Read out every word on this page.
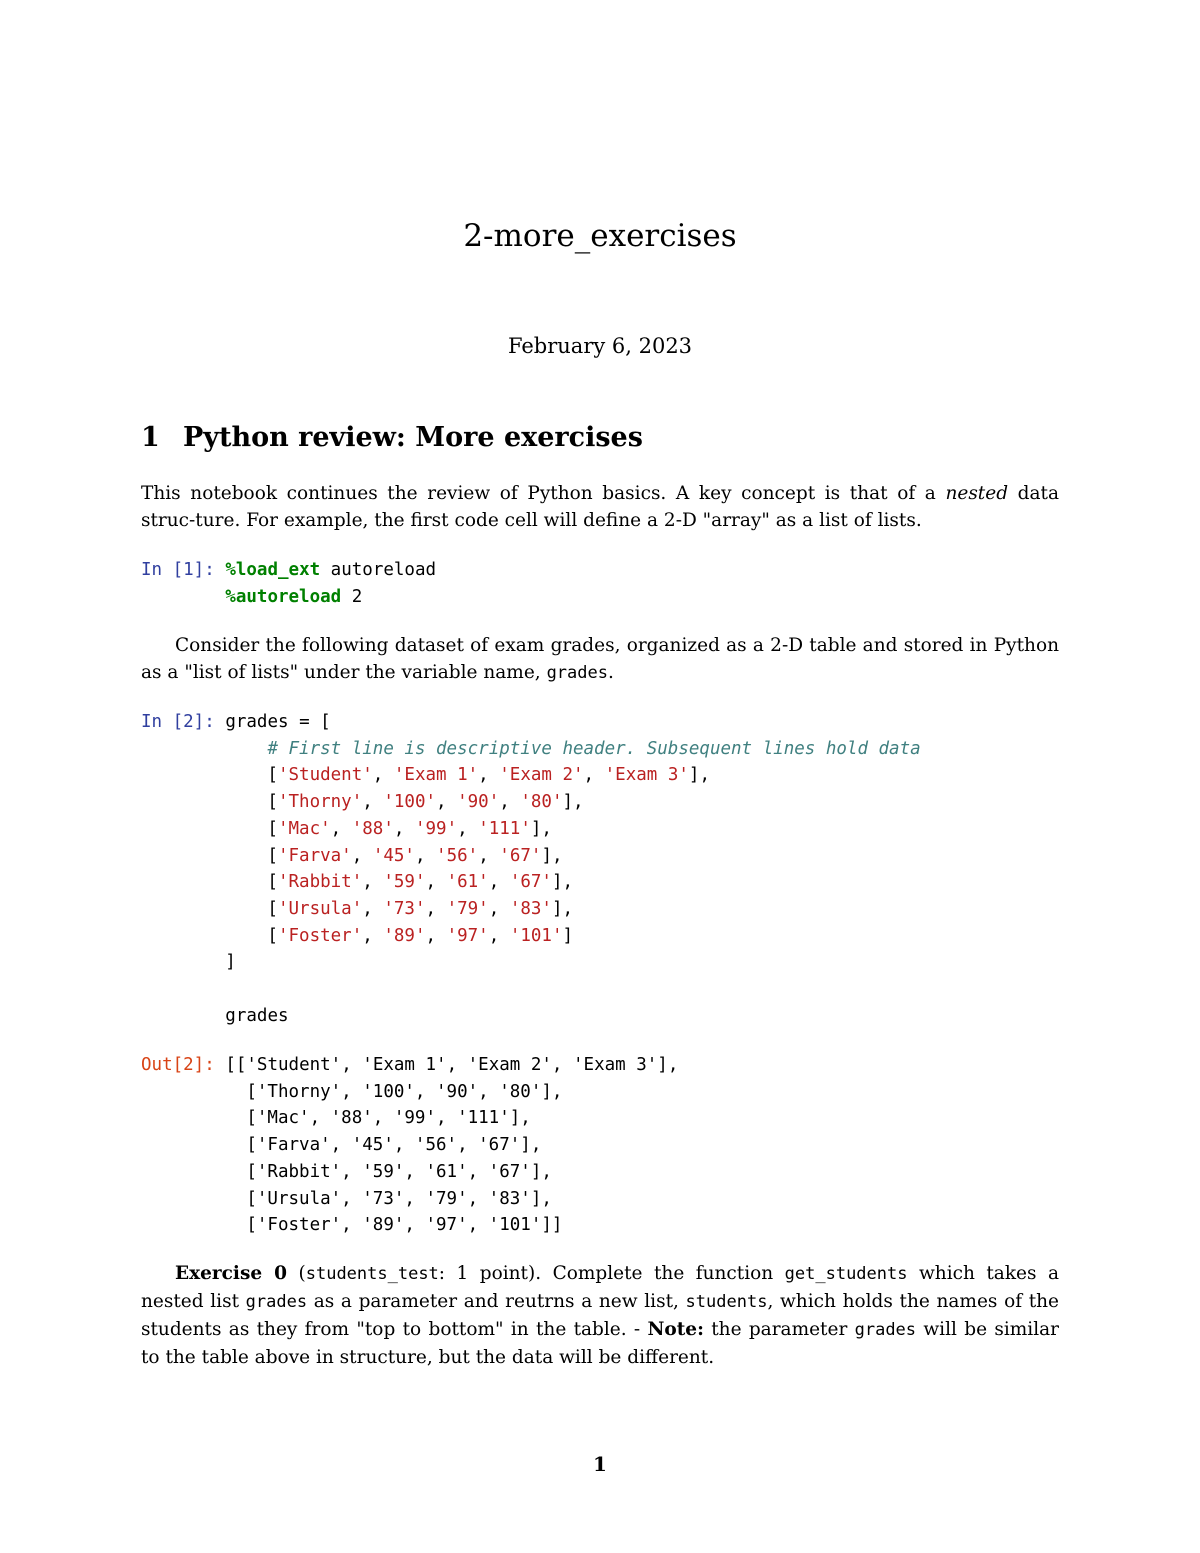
2-more_exercises

February 6, 2023

1 Python review: More exercises

This notebook continues the review of Python basics. A key concept is that of a nested data struc-ture. For example, the first code cell will define a 2-D "array" as a list of lists.

In [1]: %load_ext autoreload
%autoreload 2

Consider the following dataset of exam grades, organized as a 2-D table and stored in Python as a "list of lists" under the variable name, grades.

In [2]: grades = [
# First line is descriptive header. Subsequent lines hold data
['Student', 'Exam 1', 'Exam 2', 'Exam 3'],
['Thorny', '100', '90', '80'],
['Mac', '88', '99', '111'],
['Farva', '45', '56', '67'],
['Rabbit', '59', '61', '67'],
['Ursula', '73', '79', '83'],
['Foster', '89', '97', '101']
]

grades
Out[2]: [['Student', 'Exam 1', 'Exam 2', 'Exam 3'],
['Thorny', '100', '90', '80'],
['Mac', '88', '99', '111'],
['Farva', '45', '56', '67'],
['Rabbit', '59', '61', '67'],
['Ursula', '73', '79', '83'],
['Foster', '89', '97', '101']]

Exercise 0 (students_test: 1 point). Complete the function get_students which takes a nested list grades as a parameter and reutrns a new list, students, which holds the names of the students as they from "top to bottom" in the table. - Note: the parameter grades will be similar to the table above in structure, but the data will be different.

1
